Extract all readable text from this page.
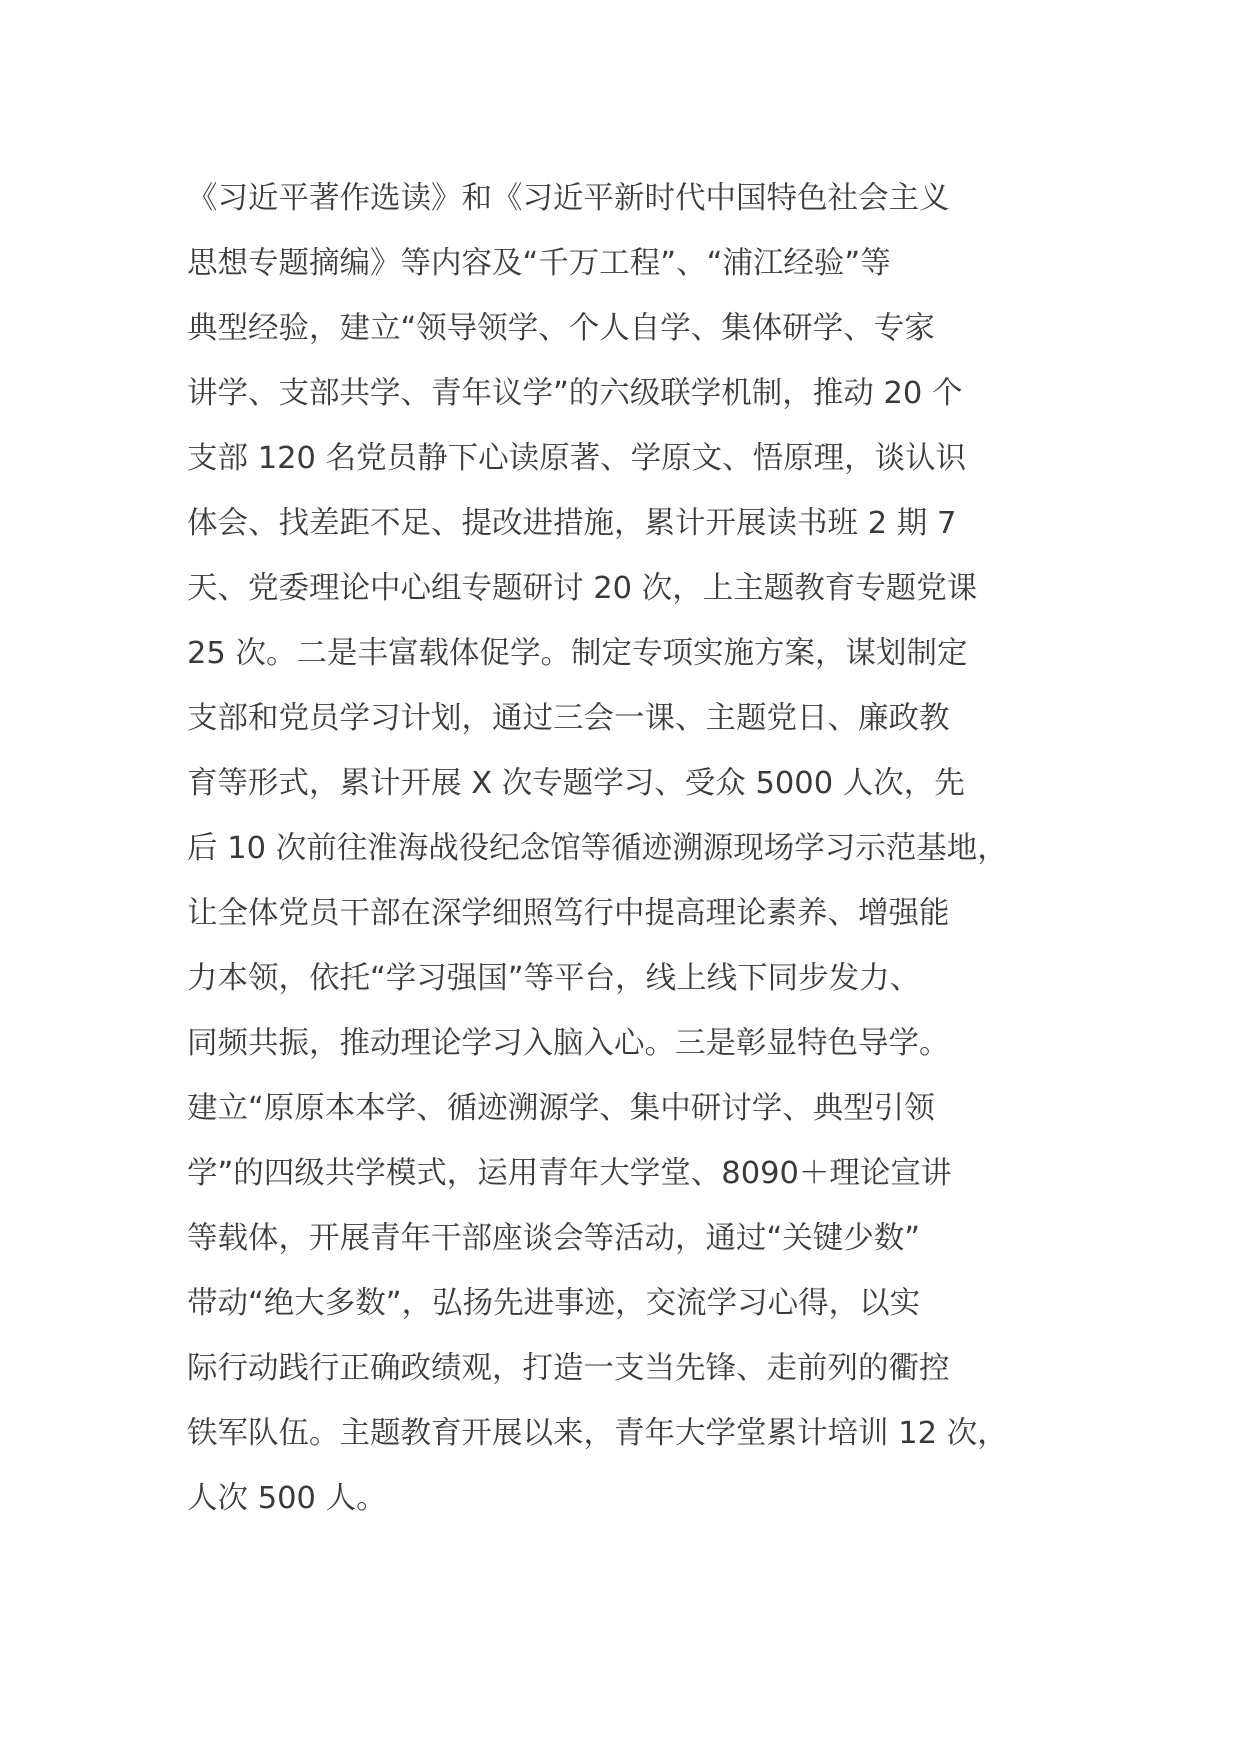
《习近平著作选读》和《习近平新时代中国特色社会主义
思想专题摘编》等内容及“千万工程”、“浦江经验”等
典型经验，建立“领导领学、个人自学、集体研学、专家
讲学、支部共学、青年议学”的六级联学机制，推动 20 个
支部 120 名党员静下心读原著、学原文、悟原理，谈认识
体会、找差距不足、提改进措施，累计开展读书班 2 期 7
天、党委理论中心组专题研讨 20 次，上主题教育专题党课
25 次。二是丰富载体促学。制定专项实施方案，谋划制定
支部和党员学习计划，通过三会一课、主题党日、廉政教
育等形式，累计开展 X 次专题学习、受众 5000 人次，先
后 10 次前往淮海战役纪念馆等循迹溯源现场学习示范基地，
让全体党员干部在深学细照笃行中提高理论素养、增强能
力本领，依托“学习强国”等平台，线上线下同步发力、
同频共振，推动理论学习入脑入心。三是彰显特色导学。
建立“原原本本学、循迹溯源学、集中研讨学、典型引领
学”的四级共学模式，运用青年大学堂、8090＋理论宣讲
等载体，开展青年干部座谈会等活动，通过“关键少数”
带动“绝大多数”，弘扬先进事迹，交流学习心得，以实
际行动践行正确政绩观，打造一支当先锋、走前列的衢控
铁军队伍。主题教育开展以来，青年大学堂累计培训 12 次，
人次 500 人。
